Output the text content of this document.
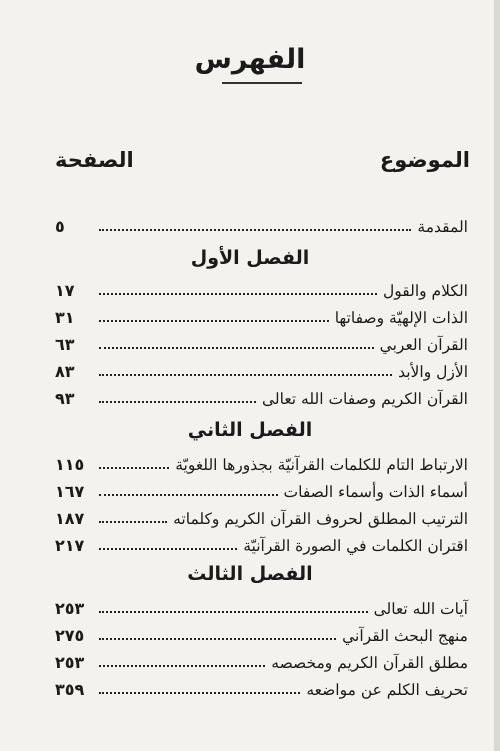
الفهرس
الموضوع
الصفحة
المقدمة
٥
الفصل الأول
الكلام والقول
١٧
الذات الإلهيّة وصفاتها
٣١
القرآن العربي
٦٣
الأزل والأبد
٨٣
القرآن الكريم وصفات الله تعالى
٩٣
الفصل الثاني
الارتباط التام للكلمات القرآنيّة بجذورها اللغويّة
١١٥
أسماء الذات وأسماء الصفات
١٦٧
الترتيب المطلق لحروف القرآن الكريم وكلماته
١٨٧
اقتران الكلمات في الصورة القرآنيّة
٢١٧
الفصل الثالث
آيات الله تعالى
٢٥٣
منهج البحث القرآني
٢٧٥
مطلق القرآن الكريم ومخصصه
٢٥٣
تحريف الكلم عن مواضعه
٣٥٩
